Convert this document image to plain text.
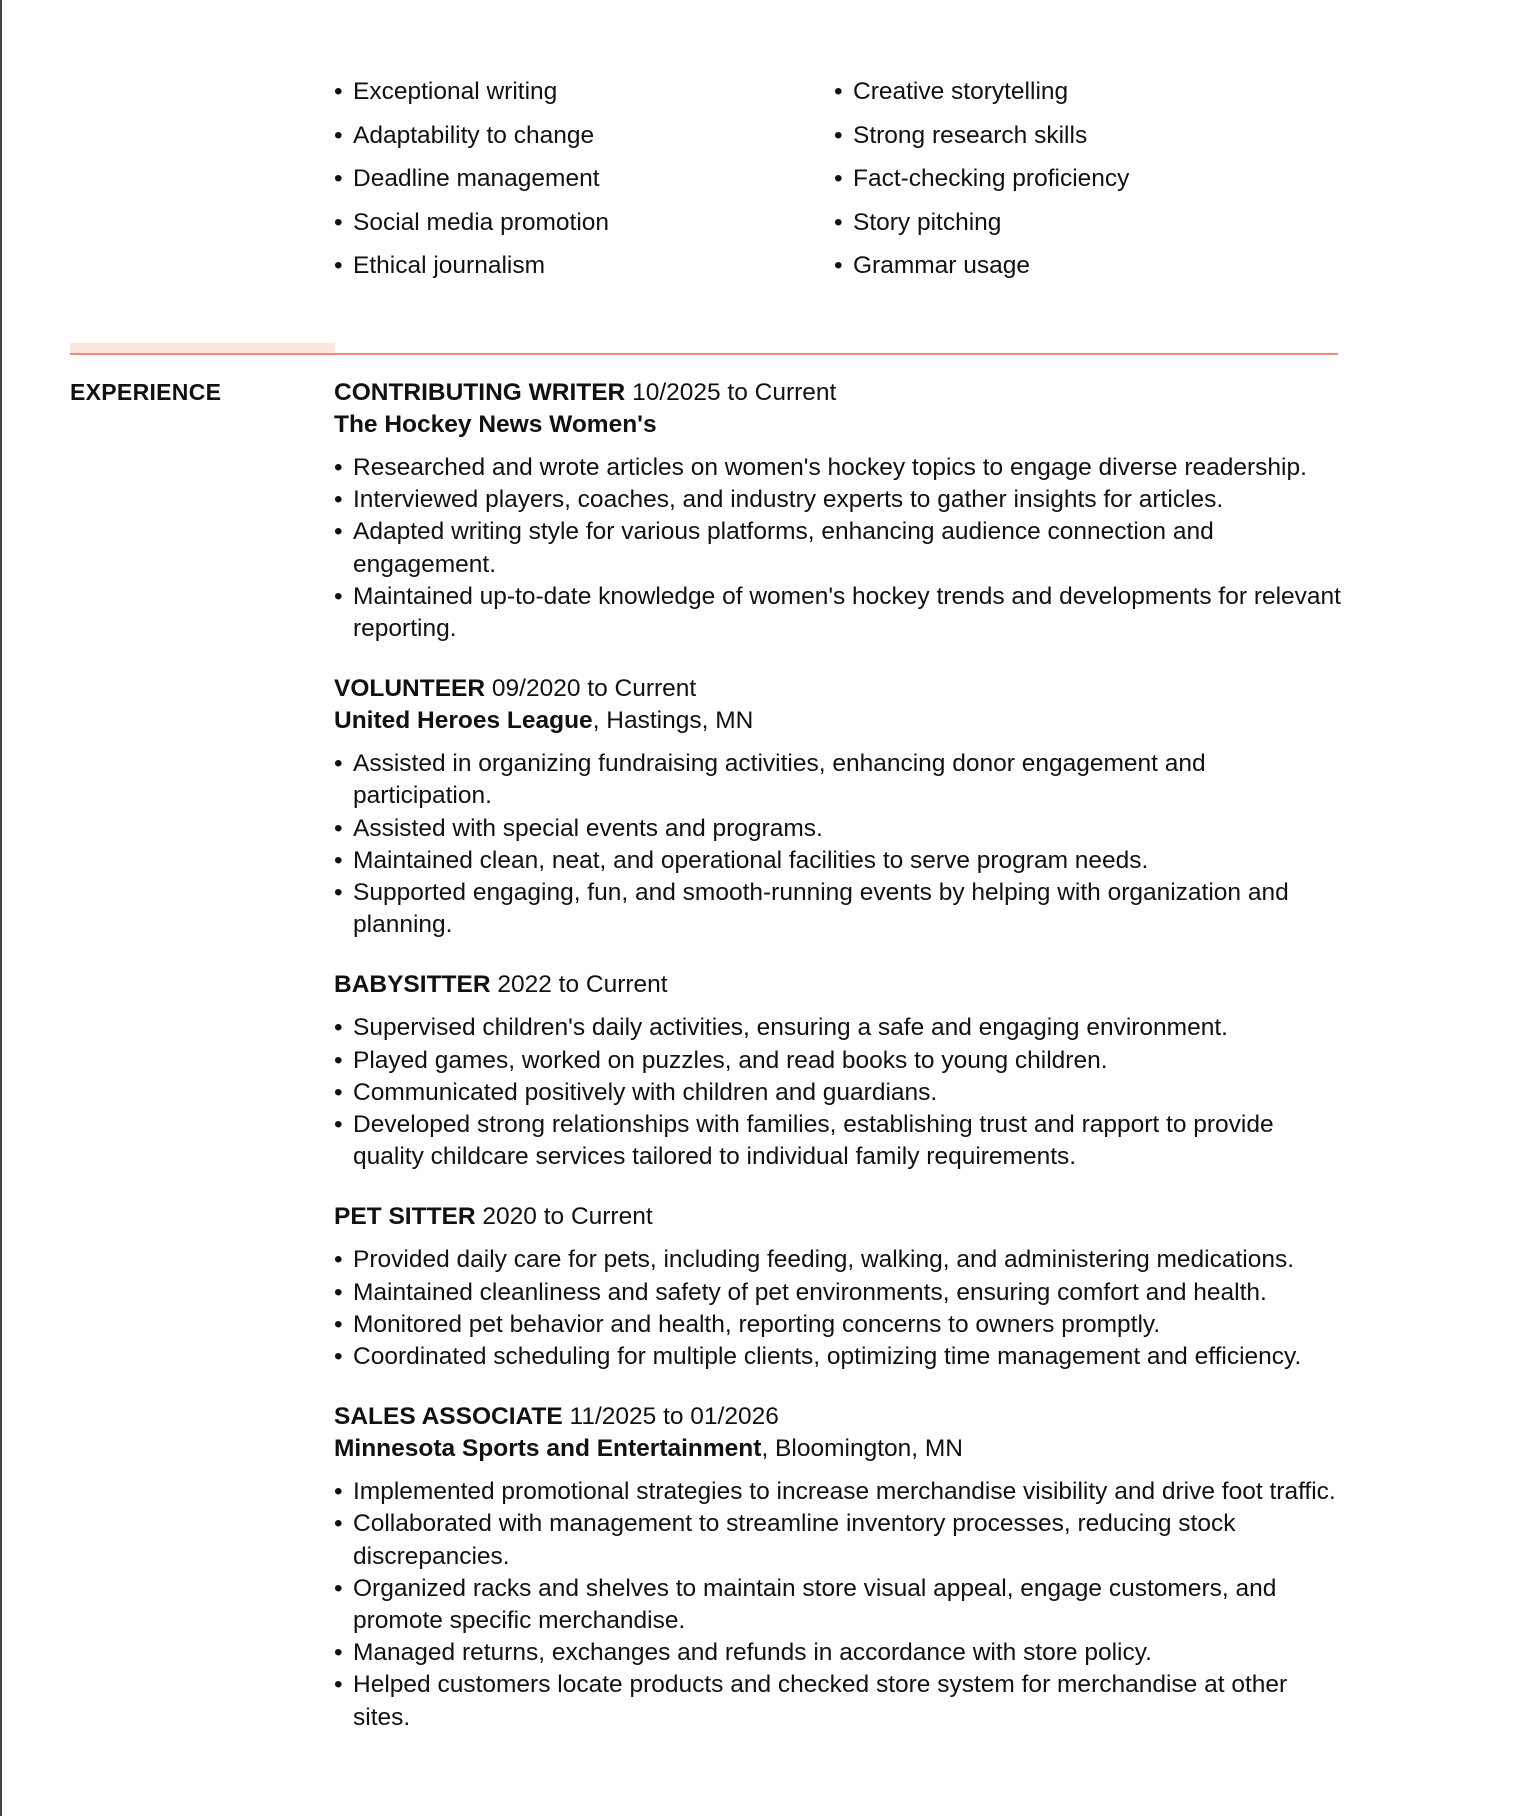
• Exceptional writing
• Adaptability to change
• Deadline management
• Social media promotion
• Ethical journalism
• Creative storytelling
• Strong research skills
• Fact-checking proficiency
• Story pitching
• Grammar usage
EXPERIENCE	CONTRIBUTING WRITER 10/2025 to Current
The Hockey News Women's
• Researched and wrote articles on women's hockey topics to engage diverse readership.
• Interviewed players, coaches, and industry experts to gather insights for articles.
• Adapted writing style for various platforms, enhancing audience connection and engagement.
• Maintained up-to-date knowledge of women's hockey trends and developments for relevant reporting.
VOLUNTEER 09/2020 to Current
United Heroes League, Hastings, MN
• Assisted in organizing fundraising activities, enhancing donor engagement and participation.
• Assisted with special events and programs.
• Maintained clean, neat, and operational facilities to serve program needs.
• Supported engaging, fun, and smooth-running events by helping with organization and planning.
BABYSITTER 2022 to Current
• Supervised children's daily activities, ensuring a safe and engaging environment.
• Played games, worked on puzzles, and read books to young children.
• Communicated positively with children and guardians.
• Developed strong relationships with families, establishing trust and rapport to provide quality childcare services tailored to individual family requirements.
PET SITTER 2020 to Current
• Provided daily care for pets, including feeding, walking, and administering medications.
• Maintained cleanliness and safety of pet environments, ensuring comfort and health.
• Monitored pet behavior and health, reporting concerns to owners promptly.
• Coordinated scheduling for multiple clients, optimizing time management and efficiency.
SALES ASSOCIATE 11/2025 to 01/2026
Minnesota Sports and Entertainment, Bloomington, MN
• Implemented promotional strategies to increase merchandise visibility and drive foot traffic.
• Collaborated with management to streamline inventory processes, reducing stock discrepancies.
• Organized racks and shelves to maintain store visual appeal, engage customers, and promote specific merchandise.
• Managed returns, exchanges and refunds in accordance with store policy.
• Helped customers locate products and checked store system for merchandise at other sites.
